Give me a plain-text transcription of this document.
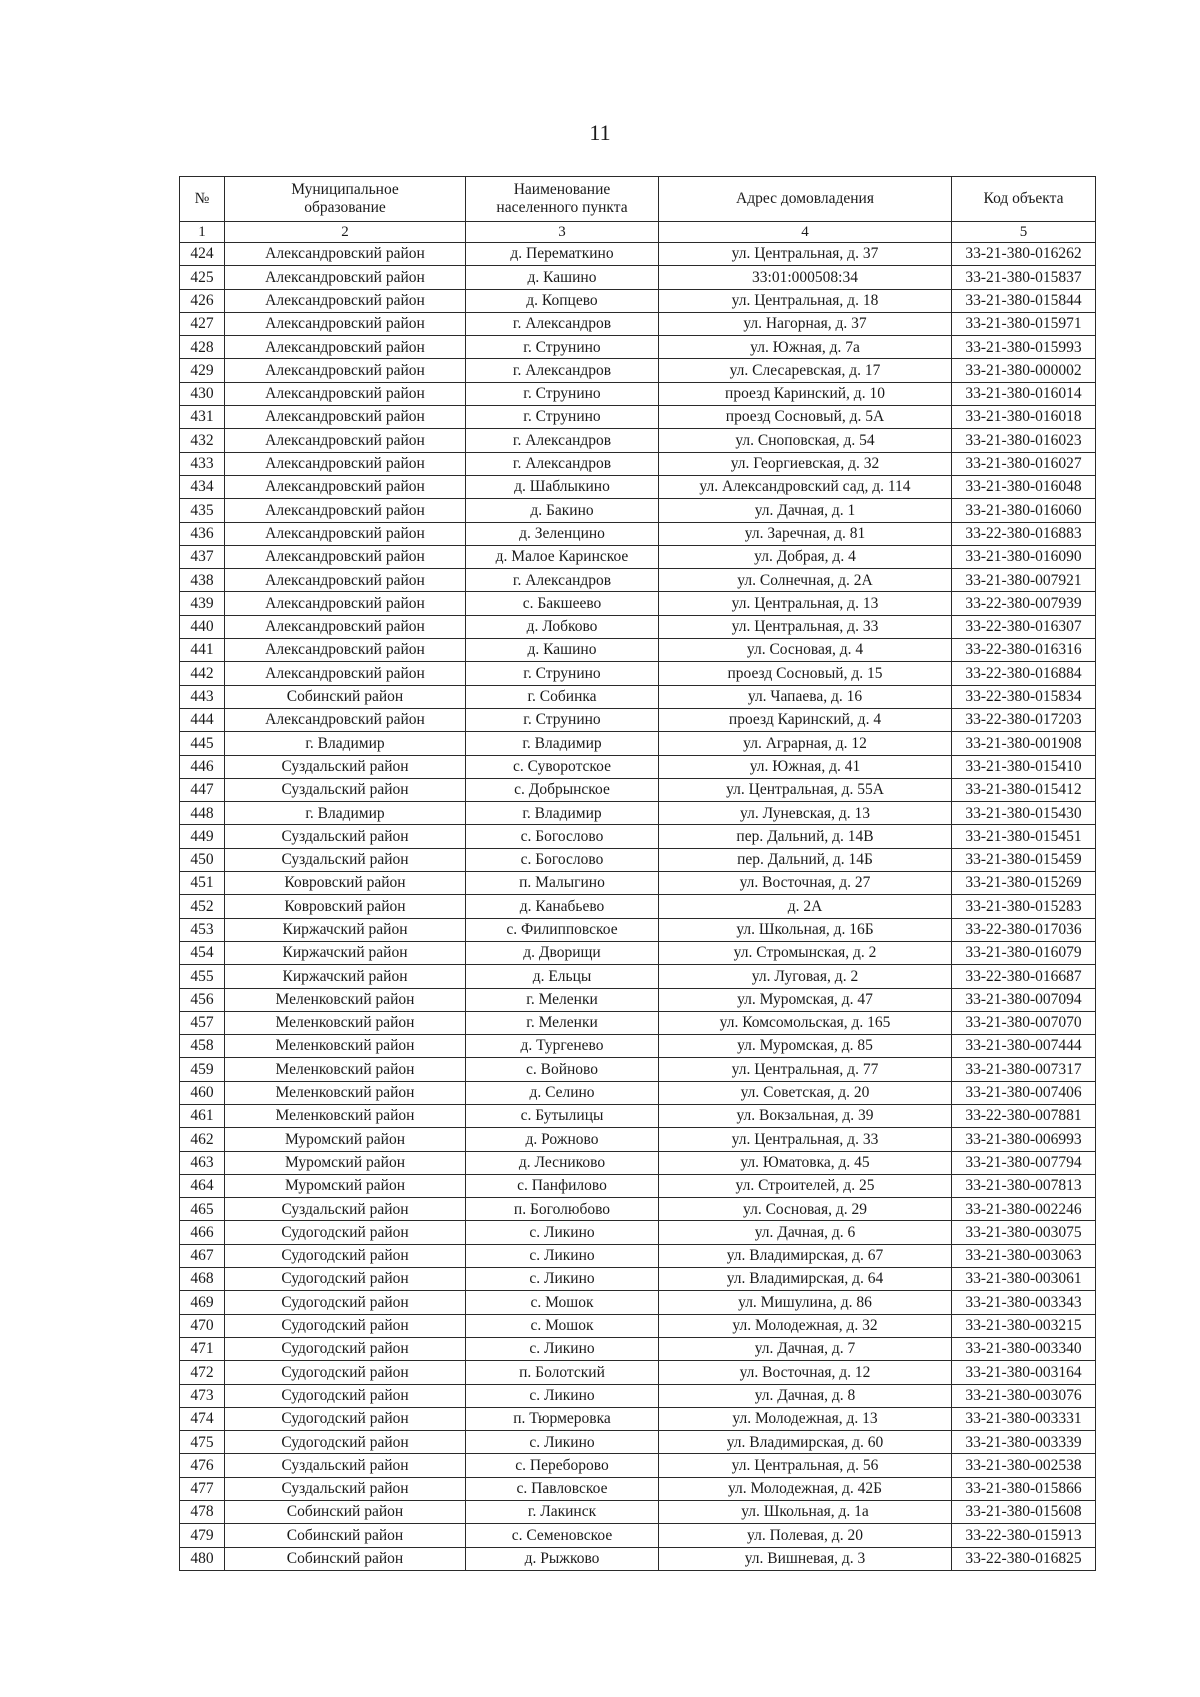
11
№	Муниципальное образование	Наименование населенного пункта	Адрес домовладения	Код объекта
1	2	3	4	5
424	Александровский район	д. Перематкино	ул. Центральная, д. 37	33-21-380-016262
425	Александровский район	д. Кашино	33:01:000508:34	33-21-380-015837
426	Александровский район	д. Копцево	ул. Центральная, д. 18	33-21-380-015844
427	Александровский район	г. Александров	ул. Нагорная, д. 37	33-21-380-015971
428	Александровский район	г. Струнино	ул. Южная, д. 7а	33-21-380-015993
429	Александровский район	г. Александров	ул. Слесаревская, д. 17	33-21-380-000002
430	Александровский район	г. Струнино	проезд Каринский, д. 10	33-21-380-016014
431	Александровский район	г. Струнино	проезд Сосновый, д. 5А	33-21-380-016018
432	Александровский район	г. Александров	ул. Сноповская, д. 54	33-21-380-016023
433	Александровский район	г. Александров	ул. Георгиевская, д. 32	33-21-380-016027
434	Александровский район	д. Шаблыкино	ул. Александровский сад, д. 114	33-21-380-016048
435	Александровский район	д. Бакино	ул. Дачная, д. 1	33-21-380-016060
436	Александровский район	д. Зеленцино	ул. Заречная, д. 81	33-22-380-016883
437	Александровский район	д. Малое Каринское	ул. Добрая, д. 4	33-21-380-016090
438	Александровский район	г. Александров	ул. Солнечная, д. 2А	33-21-380-007921
439	Александровский район	с. Бакшеево	ул. Центральная, д. 13	33-22-380-007939
440	Александровский район	д. Лобково	ул. Центральная, д. 33	33-22-380-016307
441	Александровский район	д. Кашино	ул. Сосновая, д. 4	33-22-380-016316
442	Александровский район	г. Струнино	проезд Сосновый, д. 15	33-22-380-016884
443	Собинский район	г. Собинка	ул. Чапаева, д. 16	33-22-380-015834
444	Александровский район	г. Струнино	проезд Каринский, д. 4	33-22-380-017203
445	г. Владимир	г. Владимир	ул. Аграрная, д. 12	33-21-380-001908
446	Суздальский район	с. Суворотское	ул. Южная, д. 41	33-21-380-015410
447	Суздальский район	с. Добрынское	ул. Центральная, д. 55А	33-21-380-015412
448	г. Владимир	г. Владимир	ул. Луневская, д. 13	33-21-380-015430
449	Суздальский район	с. Богослово	пер. Дальний, д. 14В	33-21-380-015451
450	Суздальский район	с. Богослово	пер. Дальний, д. 14Б	33-21-380-015459
451	Ковровский район	п. Малыгино	ул. Восточная, д. 27	33-21-380-015269
452	Ковровский район	д. Канабьево	д. 2А	33-21-380-015283
453	Киржачский район	с. Филипповское	ул. Школьная, д. 16Б	33-22-380-017036
454	Киржачский район	д. Дворищи	ул. Стромынская, д. 2	33-21-380-016079
455	Киржачский район	д. Ельцы	ул. Луговая, д. 2	33-22-380-016687
456	Меленковский район	г. Меленки	ул. Муромская, д. 47	33-21-380-007094
457	Меленковский район	г. Меленки	ул. Комсомольская, д. 165	33-21-380-007070
458	Меленковский район	д. Тургенево	ул. Муромская, д. 85	33-21-380-007444
459	Меленковский район	с. Войново	ул. Центральная, д. 77	33-21-380-007317
460	Меленковский район	д. Селино	ул. Советская, д. 20	33-21-380-007406
461	Меленковский район	с. Бутылицы	ул. Вокзальная, д. 39	33-22-380-007881
462	Муромский район	д. Рожново	ул. Центральная, д. 33	33-21-380-006993
463	Муромский район	д. Лесниково	ул. Юматовка, д. 45	33-21-380-007794
464	Муромский район	с. Панфилово	ул. Строителей, д. 25	33-21-380-007813
465	Суздальский район	п. Боголюбово	ул. Сосновая, д. 29	33-21-380-002246
466	Судогодский район	с. Ликино	ул. Дачная, д. 6	33-21-380-003075
467	Судогодский район	с. Ликино	ул. Владимирская, д. 67	33-21-380-003063
468	Судогодский район	с. Ликино	ул. Владимирская, д. 64	33-21-380-003061
469	Судогодский район	с. Мошок	ул. Мишулина, д. 86	33-21-380-003343
470	Судогодский район	с. Мошок	ул. Молодежная, д. 32	33-21-380-003215
471	Судогодский район	с. Ликино	ул. Дачная, д. 7	33-21-380-003340
472	Судогодский район	п. Болотский	ул. Восточная, д. 12	33-21-380-003164
473	Судогодский район	с. Ликино	ул. Дачная, д. 8	33-21-380-003076
474	Судогодский район	п. Тюрмеровка	ул. Молодежная, д. 13	33-21-380-003331
475	Судогодский район	с. Ликино	ул. Владимирская, д. 60	33-21-380-003339
476	Суздальский район	с. Переборово	ул. Центральная, д. 56	33-21-380-002538
477	Суздальский район	с. Павловское	ул. Молодежная, д. 42Б	33-21-380-015866
478	Собинский район	г. Лакинск	ул. Школьная, д. 1а	33-21-380-015608
479	Собинский район	с. Семеновское	ул. Полевая, д. 20	33-22-380-015913
480	Собинский район	д. Рыжково	ул. Вишневая, д. 3	33-22-380-016825
